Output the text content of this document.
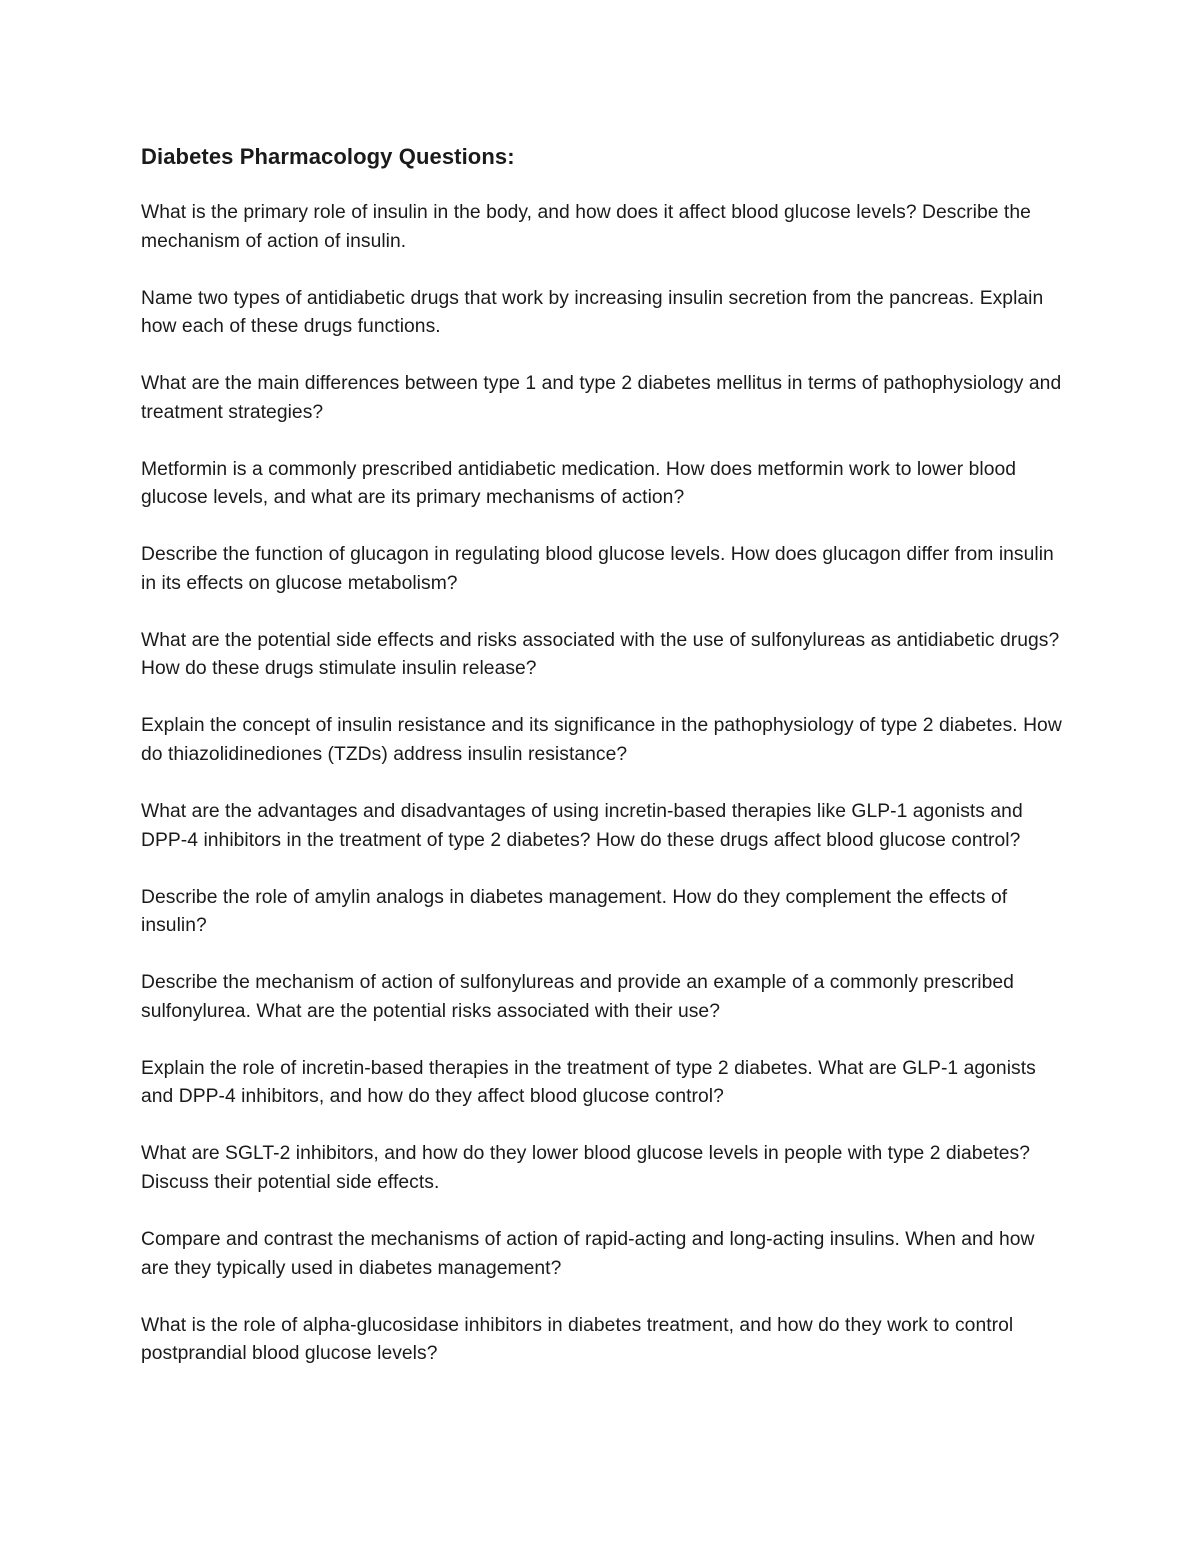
Diabetes Pharmacology Questions:

What is the primary role of insulin in the body, and how does it affect blood glucose levels? Describe the mechanism of action of insulin.

Name two types of antidiabetic drugs that work by increasing insulin secretion from the pancreas. Explain how each of these drugs functions.

What are the main differences between type 1 and type 2 diabetes mellitus in terms of pathophysiology and treatment strategies?

Metformin is a commonly prescribed antidiabetic medication. How does metformin work to lower blood glucose levels, and what are its primary mechanisms of action?

Describe the function of glucagon in regulating blood glucose levels. How does glucagon differ from insulin in its effects on glucose metabolism?

What are the potential side effects and risks associated with the use of sulfonylureas as antidiabetic drugs? How do these drugs stimulate insulin release?

Explain the concept of insulin resistance and its significance in the pathophysiology of type 2 diabetes. How do thiazolidinediones (TZDs) address insulin resistance?

What are the advantages and disadvantages of using incretin-based therapies like GLP-1 agonists and DPP-4 inhibitors in the treatment of type 2 diabetes? How do these drugs affect blood glucose control?

Describe the role of amylin analogs in diabetes management. How do they complement the effects of insulin?

Describe the mechanism of action of sulfonylureas and provide an example of a commonly prescribed sulfonylurea. What are the potential risks associated with their use?

Explain the role of incretin-based therapies in the treatment of type 2 diabetes. What are GLP-1 agonists and DPP-4 inhibitors, and how do they affect blood glucose control?

What are SGLT-2 inhibitors, and how do they lower blood glucose levels in people with type 2 diabetes? Discuss their potential side effects.

Compare and contrast the mechanisms of action of rapid-acting and long-acting insulins. When and how are they typically used in diabetes management?

What is the role of alpha-glucosidase inhibitors in diabetes treatment, and how do they work to control postprandial blood glucose levels?
